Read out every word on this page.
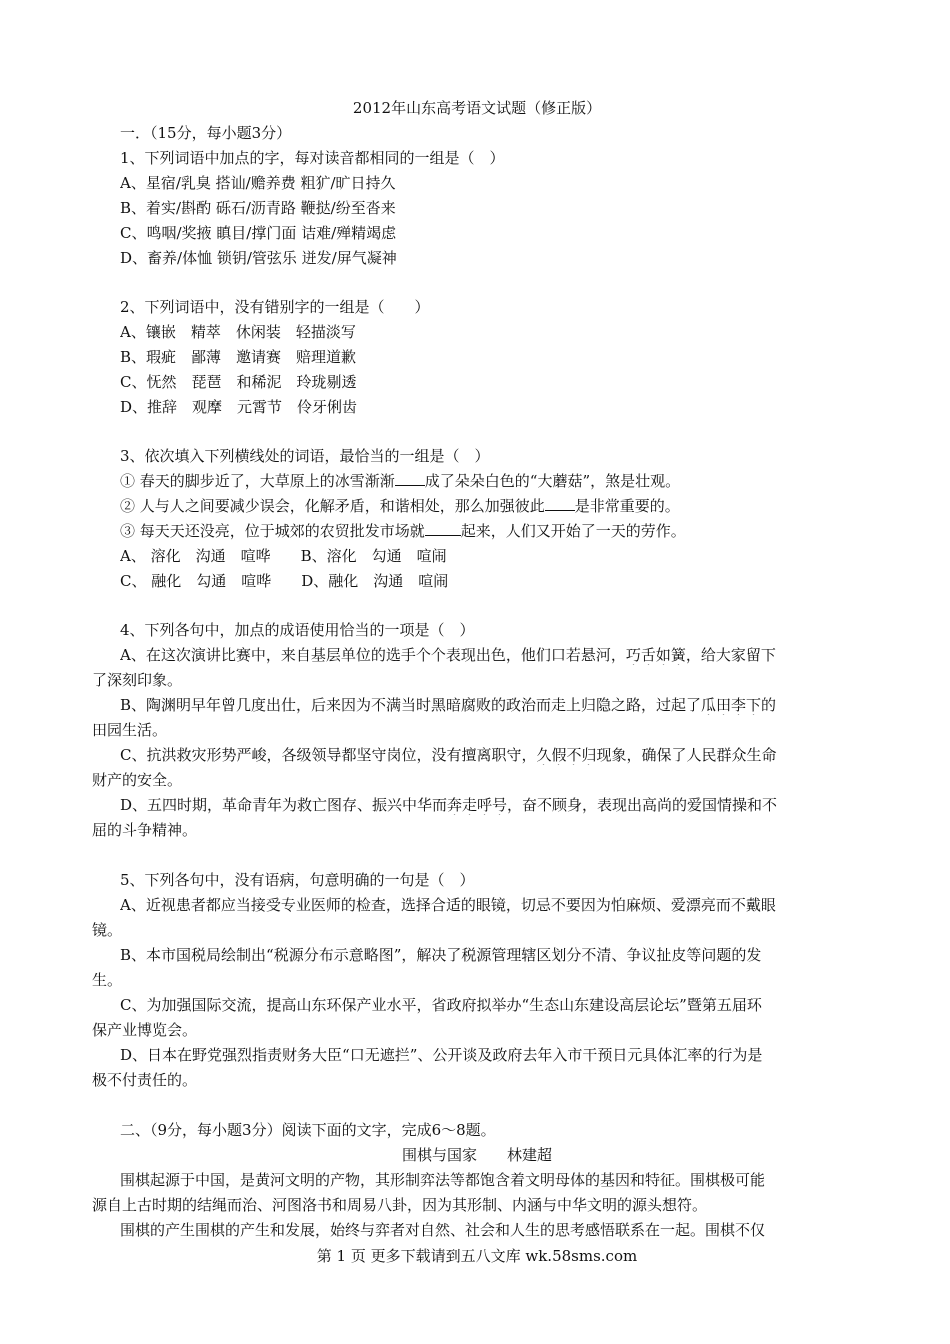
2012年山东高考语文试题（修正版）
一．（15分，每小题3分）
1、下列词语中加点的字，每对读音都相同的一组是（　）
A、星宿/乳臭 搭讪/赡养费 粗犷/旷日持久
B、着实/斟酌 砾石/沥青路 鞭挞/纷至沓来
C、鸣咽/奖掖 瞋目/撑门面 诘难/殚精竭虑
D、畜养/体恤 锁钥/管弦乐 迸发/屏气凝神
2、下列词语中，没有错别字的一组是（　　）
A、镶嵌　精萃　休闲装　轻描淡写
B、瑕疵　鄙薄　邀请赛　赔理道歉
C、怃然　琵琶　和稀泥　玲珑剔透
D、推辞　观摩　元霄节　伶牙俐齿
3、依次填入下列横线处的词语，最恰当的一组是（　）
① 春天的脚步近了，大草原上的冰雪渐渐 成了朵朵白色的“大蘑菇”，煞是壮观。
② 人与人之间要减少误会，化解矛盾，和谐相处，那么加强彼此 是非常重要的。
③ 每天天还没亮，位于城郊的农贸批发市场就 起来，人们又开始了一天的劳作。
A、 溶化　沟通　喧哗　　B、溶化　勾通　喧闹
C、 融化　勾通　喧哗　　D、融化　沟通　喧闹
4、下列各句中，加点的成语使用恰当的一项是（　）
A、在这次演讲比赛中，来自基层单位的选手个个表现出色，他们口若悬河，巧舌如簧，给大家留下
了深刻印象。
B、陶渊明早年曾几度出仕，后来因为不满当时黑暗腐败的政治而走上归隐之路，过起了瓜田李下的
田园生活。
C、抗洪救灾形势严峻，各级领导都坚守岗位，没有擅离职守，久假不归现象，确保了人民群众生命
财产的安全。
D、五四时期，革命青年为救亡图存、振兴中华而奔走呼号，奋不顾身，表现出高尚的爱国情操和不
屈的斗争精神。
5、下列各句中，没有语病，句意明确的一句是（　）
A、近视患者都应当接受专业医师的检查，选择合适的眼镜，切忌不要因为怕麻烦、爱漂亮而不戴眼
镜。
B、本市国税局绘制出“税源分布示意略图”，解决了税源管理辖区划分不清、争议扯皮等问题的发
生。
C、为加强国际交流，提高山东环保产业水平，省政府拟举办“生态山东建设高层论坛”暨第五届环
保产业博览会。
D、日本在野党强烈指责财务大臣“口无遮拦”、公开谈及政府去年入市干预日元具体汇率的行为是
极不付责任的。
二、（9分，每小题3分）阅读下面的文字，完成6～8题。
围棋与国家　　林建超
围棋起源于中国，是黄河文明的产物，其形制弈法等都饱含着文明母体的基因和特征。围棋极可能
源自上古时期的结绳而治、河图洛书和周易八卦，因为其形制、内涵与中华文明的源头想符。
围棋的产生围棋的产生和发展，始终与弈者对自然、社会和人生的思考感悟联系在一起。围棋不仅
第 1 页 更多下载请到五八文库 wk.58sms.com
